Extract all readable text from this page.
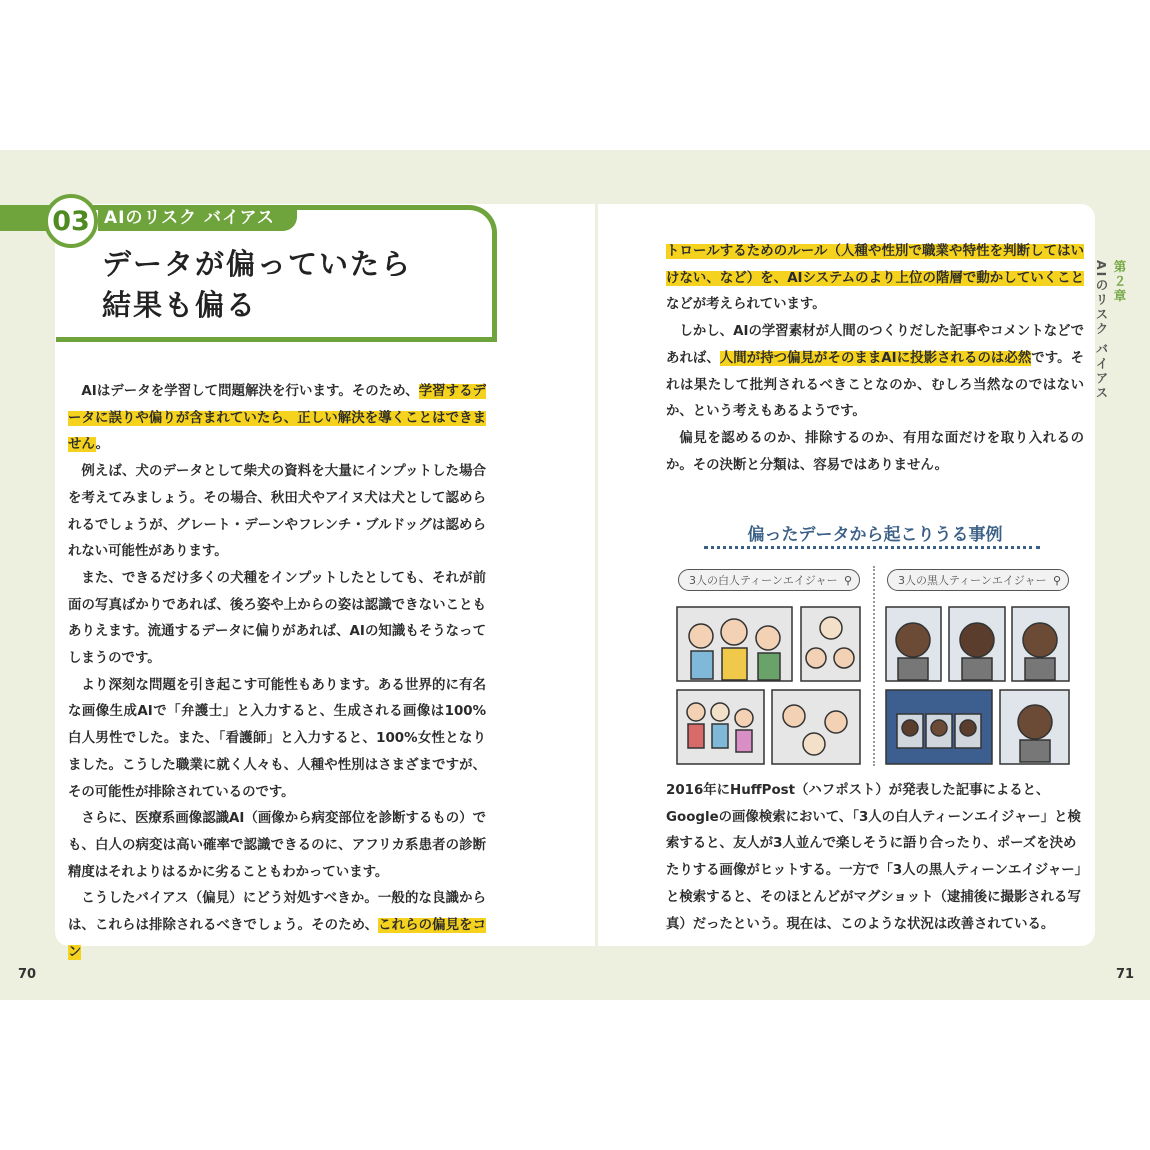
03 AIのリスク バイアス
データが偏っていたら
結果も偏る

AIはデータを学習して問題解決を行います。そのため、学習するデータに誤りや偏りが含まれていたら、正しい解決を導くことはできません。

例えば、犬のデータとして柴犬の資料を大量にインプットした場合を考えてみましょう。その場合、秋田犬やアイヌ犬は犬として認められるでしょうが、グレート・デーンやフレンチ・ブルドッグは認められない可能性があります。

また、できるだけ多くの犬種をインプットしたとしても、それが前面の写真ばかりであれば、後ろ姿や上からの姿は認識できないこともありえます。流通するデータに偏りがあれば、AIの知識もそうなってしまうのです。

より深刻な問題を引き起こす可能性もあります。ある世界的に有名な画像生成AIで「弁護士」と入力すると、生成される画像は100%白人男性でした。また、「看護師」と入力すると、100%女性となりました。こうした職業に就く人々も、人種や性別はさまざまですが、その可能性が排除されているのです。

さらに、医療系画像認識AI（画像から病変部位を診断するもの）でも、白人の病変は高い確率で認識できるのに、アフリカ系患者の診断精度はそれよりはるかに劣ることもわかっています。

こうしたバイアス（偏見）にどう対処すべきか。一般的な良識からは、これらは排除されるべきでしょう。そのため、これらの偏見をコン

トロールするためのルール（人種や性別で職業や特性を判断してはいけない、など）を、AIシステムのより上位の階層で動かしていくことなどが考えられています。

しかし、AIの学習素材が人間のつくりだした記事やコメントなどであれば、人間が持つ偏見がそのままAIに投影されるのは必然です。それは果たして批判されるべきことなのか、むしろ当然なのではないか、という考えもあるようです。

偏見を認めるのか、排除するのか、有用な面だけを取り入れるのか。その決断と分類は、容易ではありません。

第２章
AIのリスク バイアス
偏ったデータから起こりうる事例
3人の白人ティーンエイジャー ⚲	3人の黒人ティーンエイジャー ⚲
2016年にHuffPost（ハフポスト）が発表した記事によると、Googleの画像検索において、「3人の白人ティーンエイジャー」と検索すると、友人が3人並んで楽しそうに語り合ったり、ポーズを決めたりする画像がヒットする。一方で「3人の黒人ティーンエイジャー」と検索すると、そのほとんどがマグショット（逮捕後に撮影される写真）だったという。現在は、このような状況は改善されている。
70	71
